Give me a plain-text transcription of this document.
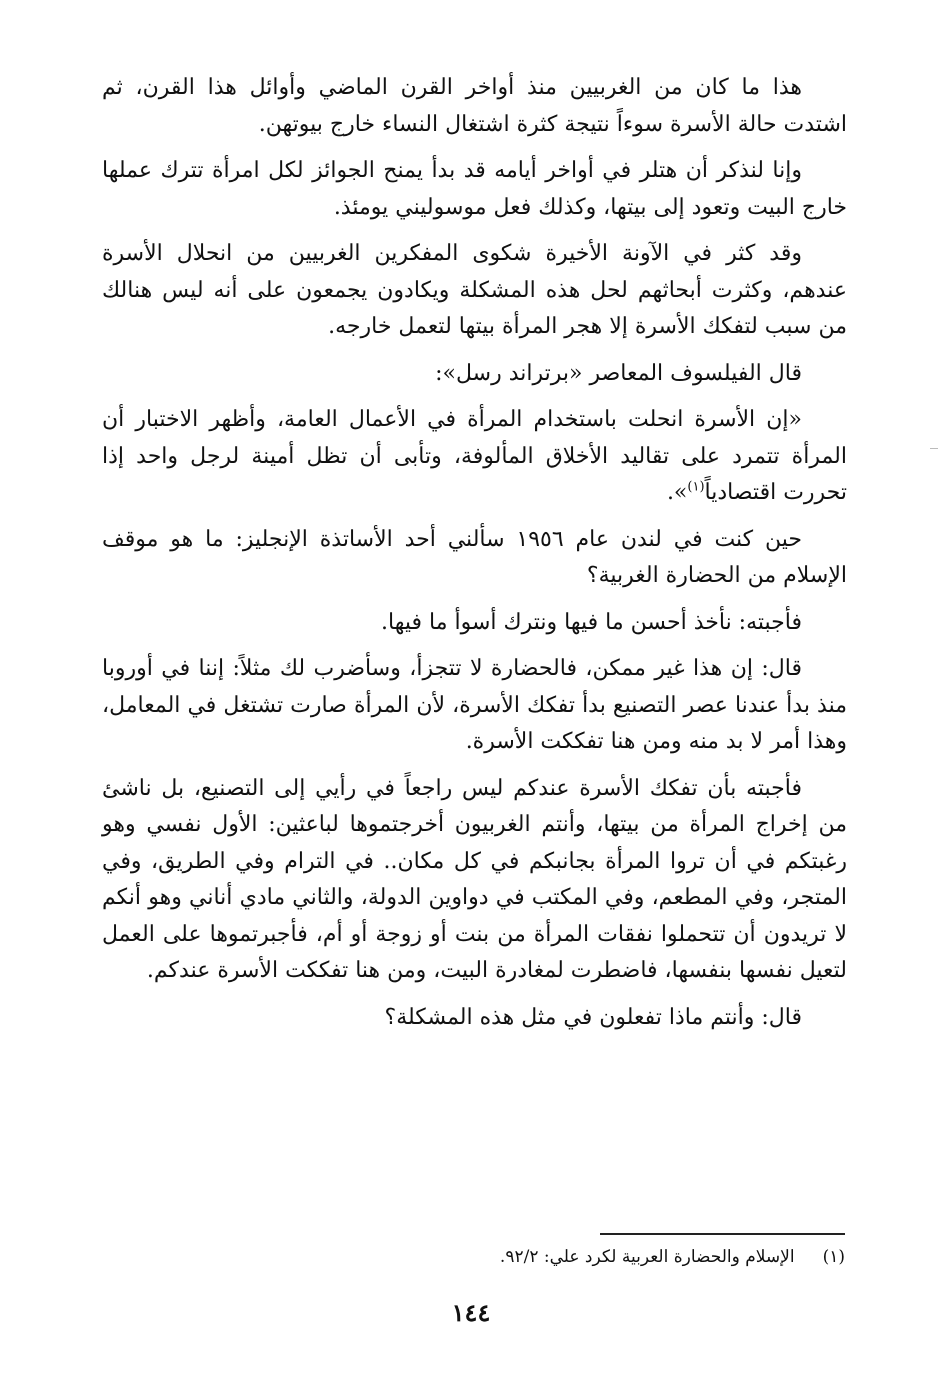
هذا ما كان من الغربيين منذ أواخر القرن الماضي وأوائل هذا القرن، ثم اشتدت حالة الأسرة سوءاً نتيجة كثرة اشتغال النساء خارج بيوتهن.

وإنا لنذكر أن هتلر في أواخر أيامه قد بدأ يمنح الجوائز لكل امرأة تترك عملها خارج البيت وتعود إلى بيتها، وكذلك فعل موسوليني يومئذ.

وقد كثر في الآونة الأخيرة شكوى المفكرين الغربيين من انحلال الأسرة عندهم، وكثرت أبحاثهم لحل هذه المشكلة ويكادون يجمعون على أنه ليس هنالك من سبب لتفكك الأسرة إلا هجر المرأة بيتها لتعمل خارجه.

قال الفيلسوف المعاصر «برتراند رسل»:

«إن الأسرة انحلت باستخدام المرأة في الأعمال العامة، وأظهر الاختبار أن المرأة تتمرد على تقاليد الأخلاق المألوفة، وتأبى أن تظل أمينة لرجل واحد إذا تحررت اقتصادياً$^{(١)}$».

حين كنت في لندن عام ١٩٥٦ سألني أحد الأساتذة الإنجليز: ما هو موقف الإسلام من الحضارة الغربية؟

فأجبته: نأخذ أحسن ما فيها ونترك أسوأ ما فيها.

قال: إن هذا غير ممكن، فالحضارة لا تتجزأ، وسأضرب لك مثلاً: إننا في أوروبا منذ بدأ عندنا عصر التصنيع بدأ تفكك الأسرة، لأن المرأة صارت تشتغل في المعامل، وهذا أمر لا بد منه ومن هنا تفككت الأسرة.

فأجبته بأن تفكك الأسرة عندكم ليس راجعاً في رأيي إلى التصنيع، بل ناشئ من إخراج المرأة من بيتها، وأنتم الغربيون أخرجتموها لباعثين: الأول نفسي وهو رغبتكم في أن تروا المرأة بجانبكم في كل مكان.. في الترام وفي الطريق، وفي المتجر، وفي المطعم، وفي المكتب في دواوين الدولة، والثاني مادي أناني وهو أنكم لا تريدون أن تتحملوا نفقات المرأة من بنت أو زوجة أو أم، فأجبرتموها على العمل لتعيل نفسها بنفسها، فاضطرت لمغادرة البيت، ومن هنا تفككت الأسرة عندكم.

قال: وأنتم ماذا تفعلون في مثل هذه المشكلة؟

(١)الإسلام والحضارة العربية لكرد علي: ٩٢/٢.
١٤٤
